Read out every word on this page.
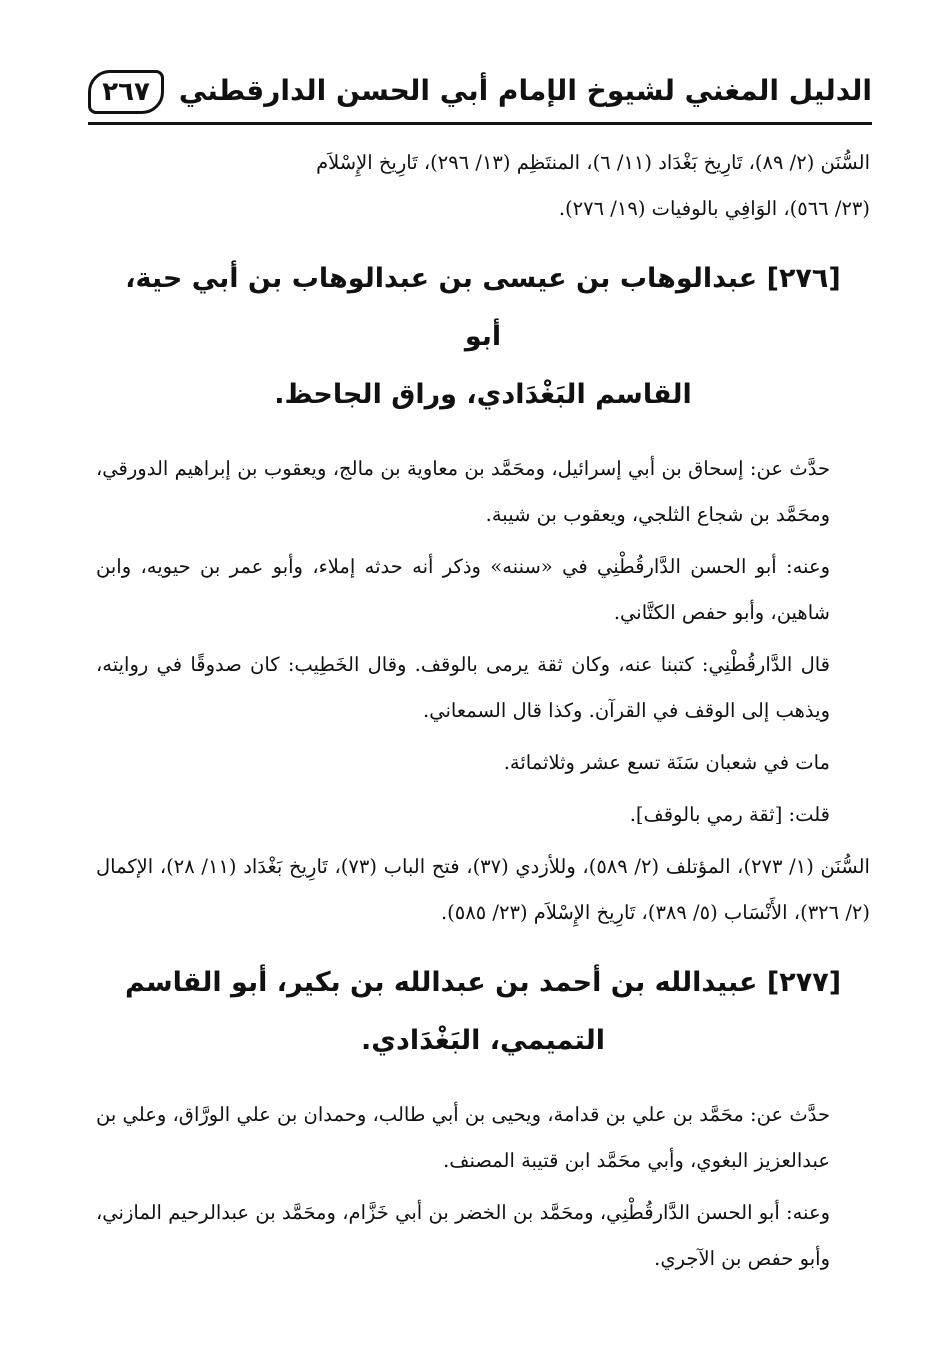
الدليل المغني لشيوخ الإمام أبي الحسن الدارقطني
٢٦٧

السُّنَن (٢/ ٨٩)، تَارِيخ بَغْدَاد (١١/ ٦)، المنتَظِم (١٣/ ٢٩٦)، تَارِيخ الإِسْلاَم

(٢٣/ ٥٦٦)، الوَافِي بالوفيات (١٩/ ٢٧٦).

[٢٧٦] عبدالوهاب بن عيسى بن عبدالوهاب بن أبي حية، أبو

القاسم البَغْدَادي، وراق الجاحظ.

حدَّث عن: إسحاق بن أبي إسرائيل، ومحَمَّد بن معاوية بن مالج، ويعقوب بن إبراهيم الدورقي، ومحَمَّد بن شجاع الثلجي، ويعقوب بن شيبة.

وعنه: أبو الحسن الدَّارقُطْنِي في «سننه» وذكر أنه حدثه إملاء، وأبو عمر بن حيويه، وابن شاهين، وأبو حفص الكتَّاني.

قال الدَّارقُطْنِي: كتبنا عنه، وكان ثقة يرمى بالوقف. وقال الخَطِيب: كان صدوقًا في روايته، ويذهب إلى الوقف في القرآن. وكذا قال السمعاني.

مات في شعبان سَنَة تسع عشر وثلاثمائة.

قلت: [ثقة رمي بالوقف].

السُّنَن (١/ ٢٧٣)، المؤتلف (٢/ ٥٨٩)، وللأزدي (٣٧)، فتح الباب (٧٣)، تَارِيخ بَغْدَاد (١١/ ٢٨)، الإكمال (٢/ ٣٢٦)، الأَنْسَاب (٥/ ٣٨٩)، تَارِيخ الإِسْلاَم (٢٣/ ٥٨٥).

[٢٧٧] عبيدالله بن أحمد بن عبدالله بن بكير، أبو القاسم

التميمي، البَغْدَادي.

حدَّث عن: محَمَّد بن علي بن قدامة، ويحيى بن أبي طالب، وحمدان بن علي الورَّاق، وعلي بن عبدالعزيز البغوي، وأبي محَمَّد ابن قتيبة المصنف.

وعنه: أبو الحسن الدَّارقُطْنِي، ومحَمَّد بن الخضر بن أبي خَزَّام، ومحَمَّد بن عبدالرحيم المازني، وأبو حفص بن الآجري.
